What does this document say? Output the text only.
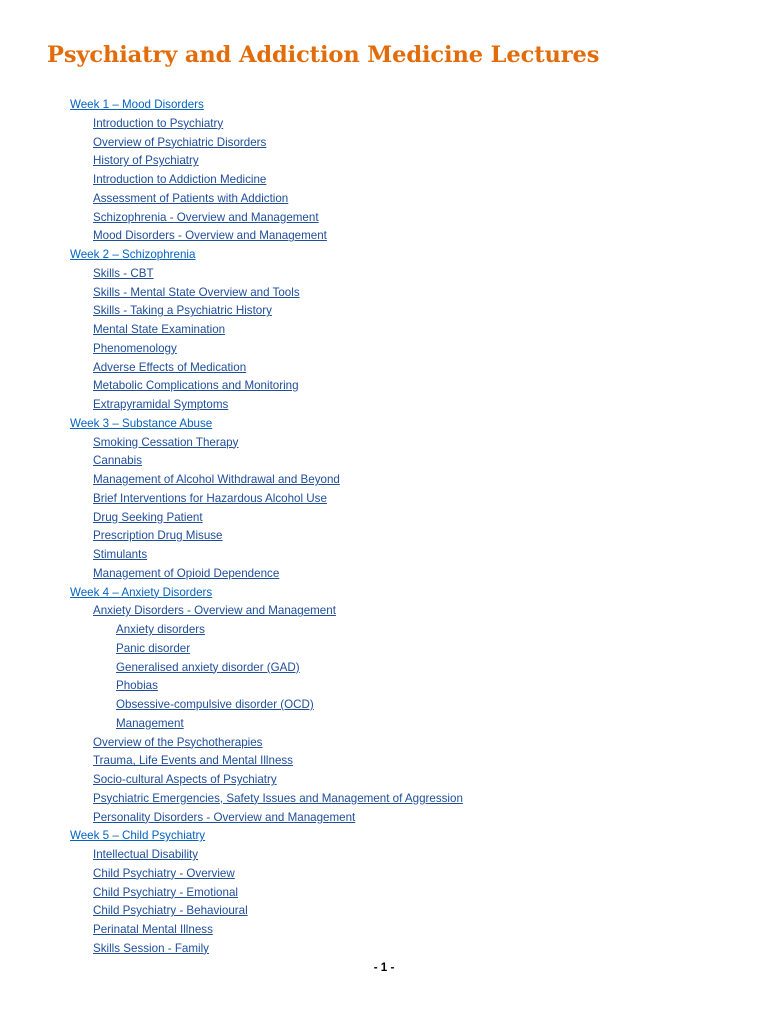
Psychiatry and Addiction Medicine Lectures
Week 1 – Mood Disorders
Introduction to Psychiatry
Overview of Psychiatric Disorders
History of Psychiatry
Introduction to Addiction Medicine
Assessment of Patients with Addiction
Schizophrenia - Overview and Management
Mood Disorders - Overview and Management
Week 2 – Schizophrenia
Skills - CBT
Skills - Mental State Overview and Tools
Skills - Taking a Psychiatric History
Mental State Examination
Phenomenology
Adverse Effects of Medication
Metabolic Complications and Monitoring
Extrapyramidal Symptoms
Week 3 – Substance Abuse
Smoking Cessation Therapy
Cannabis
Management of Alcohol Withdrawal and Beyond
Brief Interventions for Hazardous Alcohol Use
Drug Seeking Patient
Prescription Drug Misuse
Stimulants
Management of Opioid Dependence
Week 4 – Anxiety Disorders
Anxiety Disorders - Overview and Management
Anxiety disorders
Panic disorder
Generalised anxiety disorder (GAD)
Phobias
Obsessive-compulsive disorder (OCD)
Management
Overview of the Psychotherapies
Trauma, Life Events and Mental Illness
Socio-cultural Aspects of Psychiatry
Psychiatric Emergencies, Safety Issues and Management of Aggression
Personality Disorders - Overview and Management
Week 5 – Child Psychiatry
Intellectual Disability
Child Psychiatry - Overview
Child Psychiatry - Emotional
Child Psychiatry - Behavioural
Perinatal Mental Illness
Skills Session - Family
- 1 -
